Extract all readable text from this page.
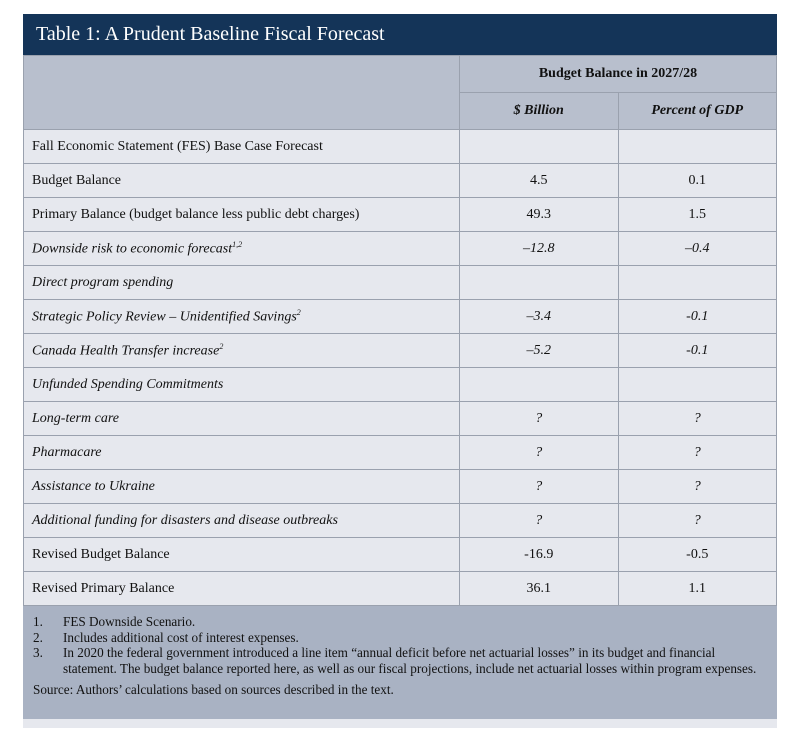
Table 1: A Prudent Baseline Fiscal Forecast
	Budget Balance in 2027/28	
	$ Billion	Percent of GDP
Fall Economic Statement (FES) Base Case Forecast		
Budget Balance	4.5	0.1
Primary Balance (budget balance less public debt charges)	49.3	1.5
Downside risk to economic forecast$^{1,2}$	–12.8	–0.4
Direct program spending		
Strategic Policy Review – Unidentified Savings$^2$	–3.4	-0.1
Canada Health Transfer increase$^2$	–5.2	-0.1
Unfunded Spending Commitments		
Long-term care	?	?
Pharmacare	?	?
Assistance to Ukraine	?	?
Additional funding for disasters and disease outbreaks	?	?
Revised Budget Balance	-16.9	-0.5
Revised Primary Balance	36.1	1.1
1.	FES Downside Scenario.
2.	Includes additional cost of interest expenses.
3.	In 2020 the federal government introduced a line item “annual deficit before net actuarial losses” in its budget and financial statement. The budget balance reported here, as well as our fiscal projections, include net actuarial losses within program expenses.
Source: Authors’ calculations based on sources described in the text.
